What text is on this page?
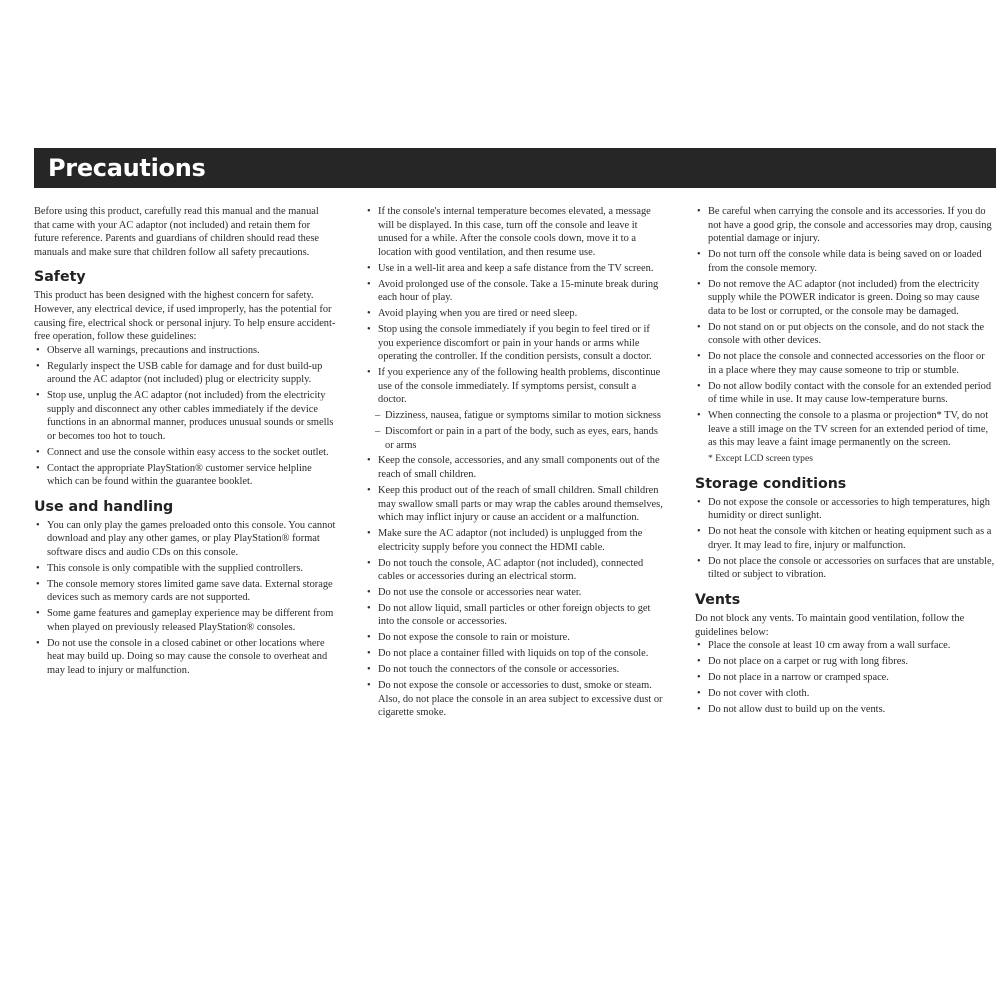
Precautions

Before using this product, carefully read this manual and the manual that came with your AC adaptor (not included) and retain them for future reference. Parents and guardians of children should read these manuals and make sure that children follow all safety precautions.

Safety

This product has been designed with the highest concern for safety. However, any electrical device, if used improperly, has the potential for causing fire, electrical shock or personal injury. To help ensure accident-free operation, follow these guidelines:

• Observe all warnings, precautions and instructions.
• Regularly inspect the USB cable for damage and for dust build-up around the AC adaptor (not included) plug or electricity supply.
• Stop use, unplug the AC adaptor (not included) from the electricity supply and disconnect any other cables immediately if the device functions in an abnormal manner, produces unusual sounds or smells or becomes too hot to touch.
• Connect and use the console within easy access to the socket outlet.
• Contact the appropriate PlayStation® customer service helpline which can be found within the guarantee booklet.
Use and handling
• You can only play the games preloaded onto this console. You cannot download and play any other games, or play PlayStation® format software discs and audio CDs on this console.
• This console is only compatible with the supplied controllers.
• The console memory stores limited game save data. External storage devices such as memory cards are not supported.
• Some game features and gameplay experience may be different from when played on previously released PlayStation® consoles.
• Do not use the console in a closed cabinet or other locations where heat may build up. Doing so may cause the console to overheat and may lead to injury or malfunction.
• If the console's internal temperature becomes elevated, a message will be displayed. In this case, turn off the console and leave it unused for a while. After the console cools down, move it to a location with good ventilation, and then resume use.
• Use in a well-lit area and keep a safe distance from the TV screen.
• Avoid prolonged use of the console. Take a 15-minute break during each hour of play.
• Avoid playing when you are tired or need sleep.
• Stop using the console immediately if you begin to feel tired or if you experience discomfort or pain in your hands or arms while operating the controller. If the condition persists, consult a doctor.
• If you experience any of the following health problems, discontinue use of the console immediately. If symptoms persist, consult a doctor.
– Dizziness, nausea, fatigue or symptoms similar to motion sickness
– Discomfort or pain in a part of the body, such as eyes, ears, hands or arms
• Keep the console, accessories, and any small components out of the reach of small children.
• Keep this product out of the reach of small children. Small children may swallow small parts or may wrap the cables around themselves, which may inflict injury or cause an accident or a malfunction.
• Make sure the AC adaptor (not included) is unplugged from the electricity supply before you connect the HDMI cable.
• Do not touch the console, AC adaptor (not included), connected cables or accessories during an electrical storm.
• Do not use the console or accessories near water.
• Do not allow liquid, small particles or other foreign objects to get into the console or accessories.
• Do not expose the console to rain or moisture.
• Do not place a container filled with liquids on top of the console.
• Do not touch the connectors of the console or accessories.
• Do not expose the console or accessories to dust, smoke or steam. Also, do not place the console in an area subject to excessive dust or cigarette smoke.
• Be careful when carrying the console and its accessories. If you do not have a good grip, the console and accessories may drop, causing potential damage or injury.
• Do not turn off the console while data is being saved on or loaded from the console memory.
• Do not remove the AC adaptor (not included) from the electricity supply while the POWER indicator is green. Doing so may cause data to be lost or corrupted, or the console may be damaged.
• Do not stand on or put objects on the console, and do not stack the console with other devices.
• Do not place the console and connected accessories on the floor or in a place where they may cause someone to trip or stumble.
• Do not allow bodily contact with the console for an extended period of time while in use. It may cause low-temperature burns.
• When connecting the console to a plasma or projection* TV, do not leave a still image on the TV screen for an extended period of time, as this may leave a faint image permanently on the screen.
* Except LCD screen types
Storage conditions
• Do not expose the console or accessories to high temperatures, high humidity or direct sunlight.
• Do not heat the console with kitchen or heating equipment such as a dryer. It may lead to fire, injury or malfunction.
• Do not place the console or accessories on surfaces that are unstable, tilted or subject to vibration.
Vents

Do not block any vents. To maintain good ventilation, follow the guidelines below:

• Place the console at least 10 cm away from a wall surface.
• Do not place on a carpet or rug with long fibres.
• Do not place in a narrow or cramped space.
• Do not cover with cloth.
• Do not allow dust to build up on the vents.
